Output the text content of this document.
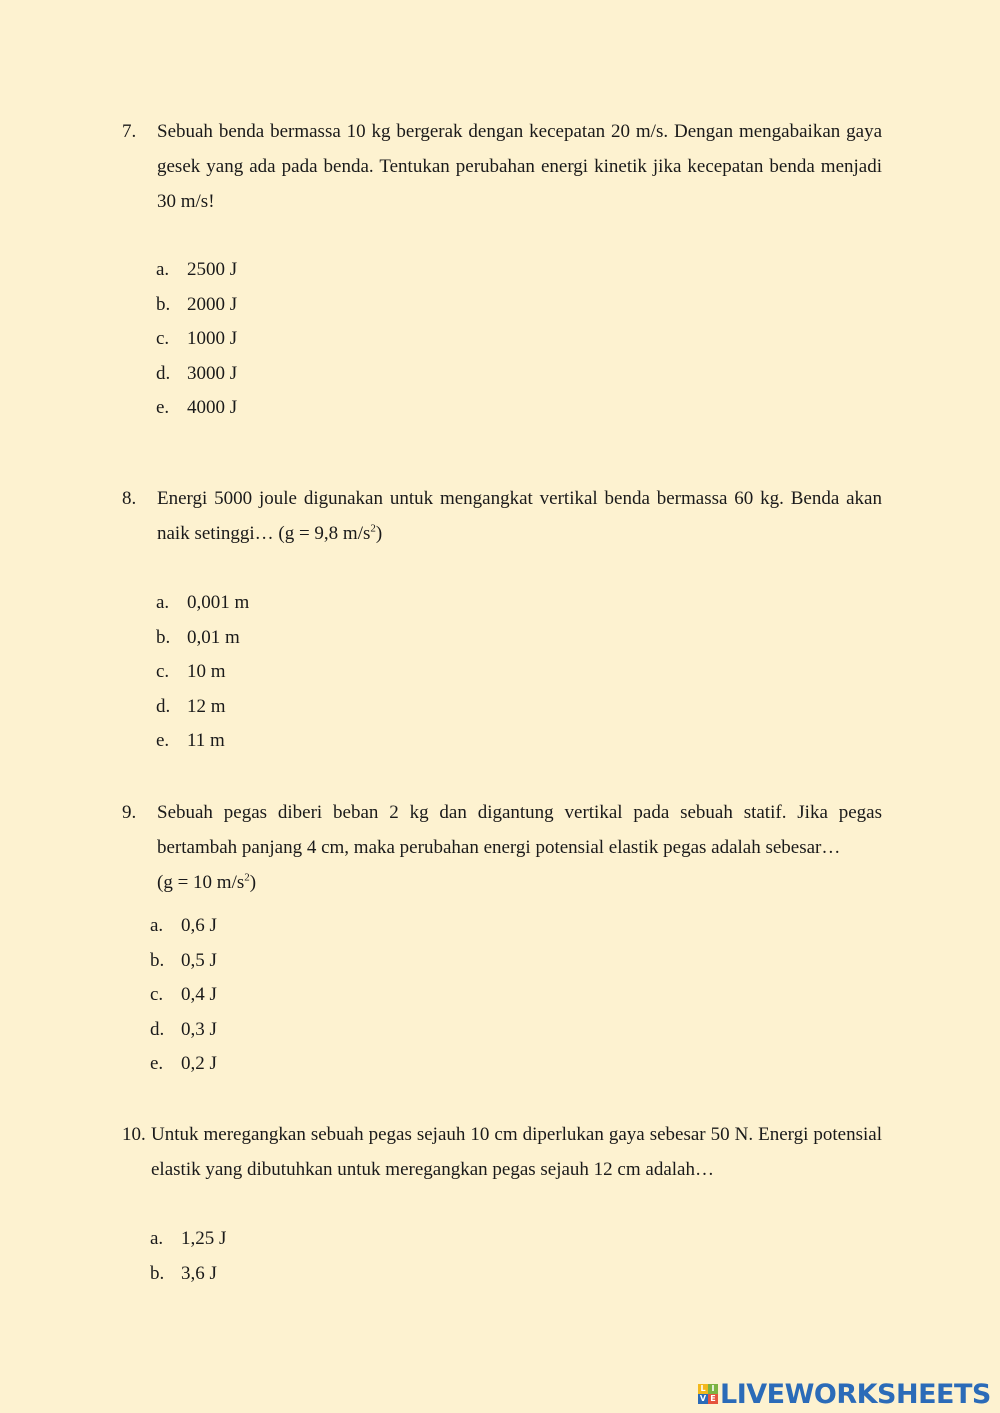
7.	Sebuah benda bermassa 10 kg bergerak dengan kecepatan 20 m/s. Dengan mengabaikan gaya gesek yang ada pada benda. Tentukan perubahan energi kinetik jika kecepatan benda menjadi 30 m/s!
a. 2500 J
b. 2000 J
c. 1000 J
d. 3000 J
e. 4000 J
8.	Energi 5000 joule digunakan untuk mengangkat vertikal benda bermassa 60 kg. Benda akan naik setinggi… (g = 9,8 $m/s^2$)
a. 0,001 m
b. 0,01 m
c. 10 m
d. 12 m
e. 11 m
9.	Sebuah pegas diberi beban 2 kg dan digantung vertikal pada sebuah statif. Jika pegas bertambah panjang 4 cm, maka perubahan energi potensial elastik pegas adalah sebesar…
(g = 10 $m/s^2$)
a. 0,6 J
b. 0,5 J
c. 0,4 J
d. 0,3 J
e. 0,2 J
10. Untuk meregangkan sebuah pegas sejauh 10 cm diperlukan gaya sebesar 50 N. Energi potensial elastik yang dibutuhkan untuk meregangkan pegas sejauh 12 cm adalah…
a. 1,25 J
b. 3,6 J
L I
V E LIVEWORKSHEETS
